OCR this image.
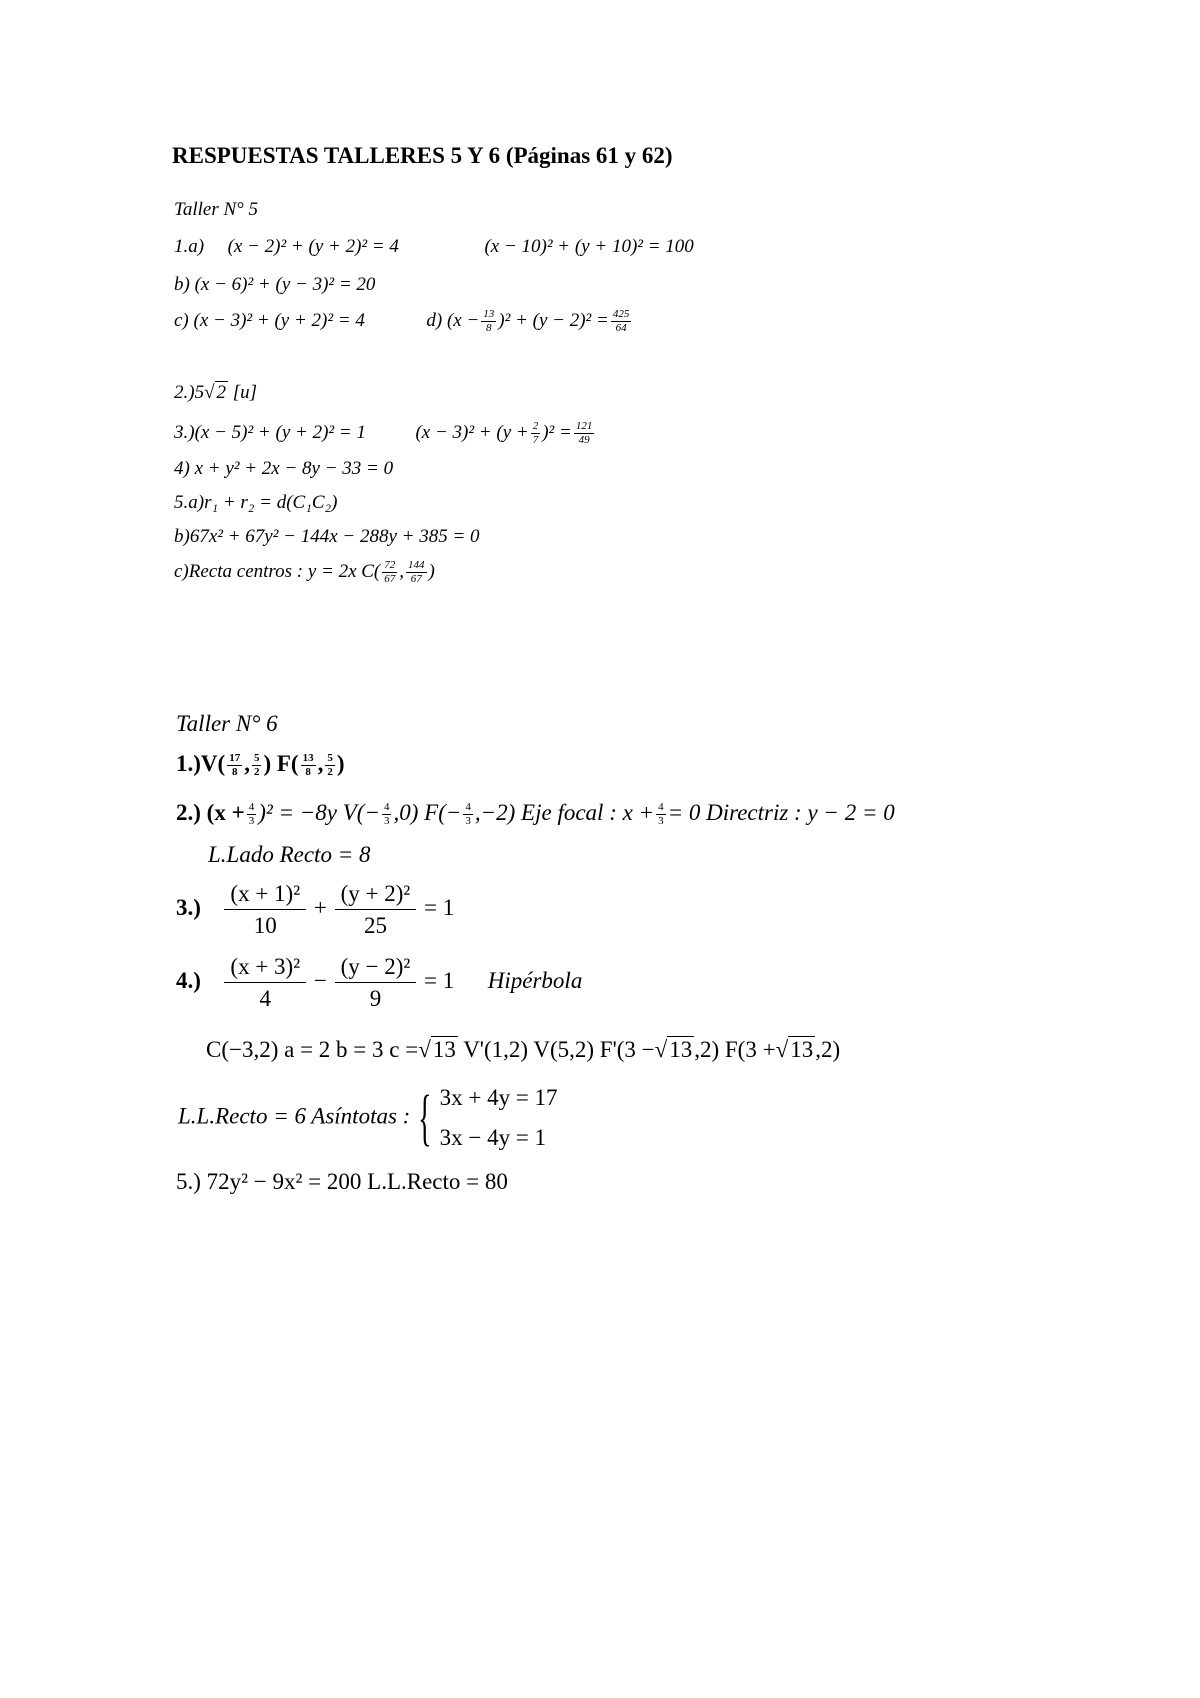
RESPUESTAS TALLERES 5 Y 6 (Páginas 61 y 62)
Taller N° 5
1.a) (x − 2)² + (y + 2)² = 4	(x − 10)² + (y + 10)² = 100
b) (x − 6)² + (y − 3)² = 20
c) (x − 3)² + (y + 2)² = 4	d) $(x - \frac{13}{8} )^2 + (y - 2)^2 = \frac{425}{64}$
2.)5√ 2 [u]
3.)(x − 5)² + (y + 2)² = 1	$(x - 3)^2 + (y + \frac{2}{7} )^2 = \frac{121}{49}$
4) x + y² + 2x − 8y − 33 = 0
5.a)r₁ + r₂ = d(C₁C₂)
b)67x² + 67y² − 144x − 288y + 385 = 0
c)Recta centros : y = 2x $C( \frac{72}{67}$ , $\frac{144}{67}$ )
Taller N° 6
$1.)V( \frac{17}{8}$ , $\frac{5}{2}$ ) $F( \frac{13}{8}$ , $\frac{5}{2}$ )
2.) $(x + \frac{4}{3} )^2 = -8y$ $V(- \frac{4}{3} ,0)$ $F(- \frac{4}{3} ,-2)$ Eje focal : $x + \frac{4}{3} = 0$ Directriz : y − 2 = 0
L.Lado Recto = 8
$3.) \frac{\text{(x + 1)²}}{10} + \frac{\text{(y + 2)²}}{25} = 1$
$4.) \frac{\text{(x + 3)²}}{4} - \frac{\text{(y − 2)²}}{9} = 1$ Hipérbola
C(−3,2) a = 2 b = 3 c =√13 V'(1,2) V(5,2) F'(3 −√13,2) F(3 +√13,2)
L.L.Recto = 6 Asíntotas : { 3x + 4y = 17
3x − 4y = 1
5.) 72y² − 9x² = 200 L.L.Recto = 80
